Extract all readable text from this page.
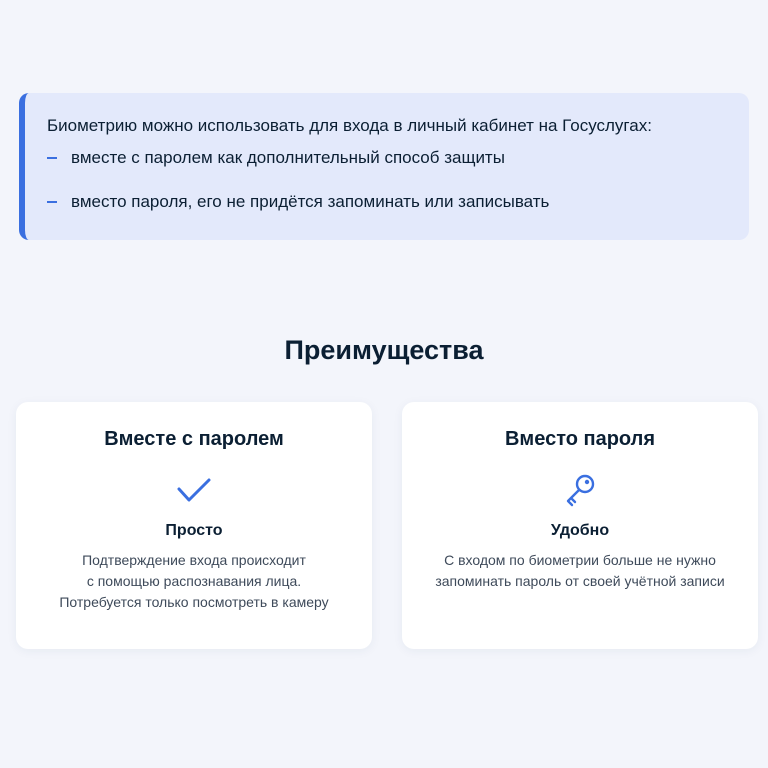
Биометрию можно использовать для входа в личный кабинет на Госуслугах:

вместе с паролем как дополнительный способ защиты
вместо пароля, его не придётся запоминать или записывать
Преимущества
Вместе с паролем
Просто

Подтверждение входа происходит
с помощью распознавания лица.
Потребуется только посмотреть в камеру

Вместо пароля
Удобно

С входом по биометрии больше не нужно
запоминать пароль от своей учётной записи
